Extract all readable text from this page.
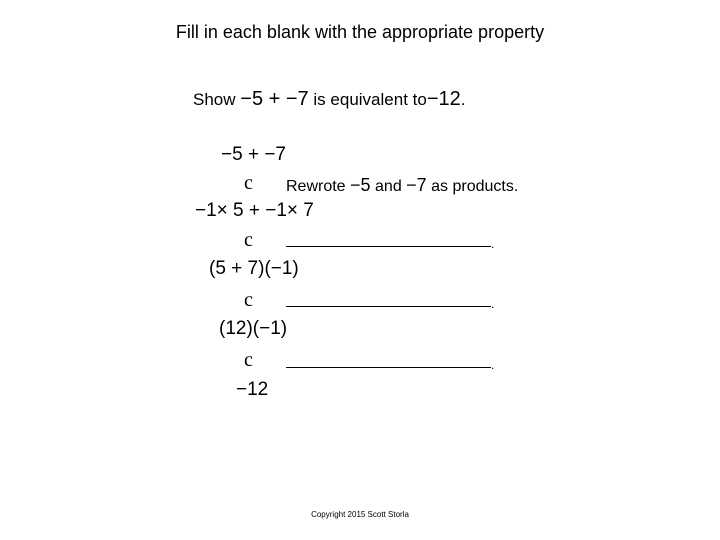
Fill in each blank with the appropriate property
Show −5 + −7 is equivalent to−12.
−5 + −7
c Rewrote −5 and −7 as products.
−1× 5 + −1× 7
c	.
(5 + 7)(−1)
c	.
(12)(−1)
c	.
−12
Copyright 2015 Scott Storla
